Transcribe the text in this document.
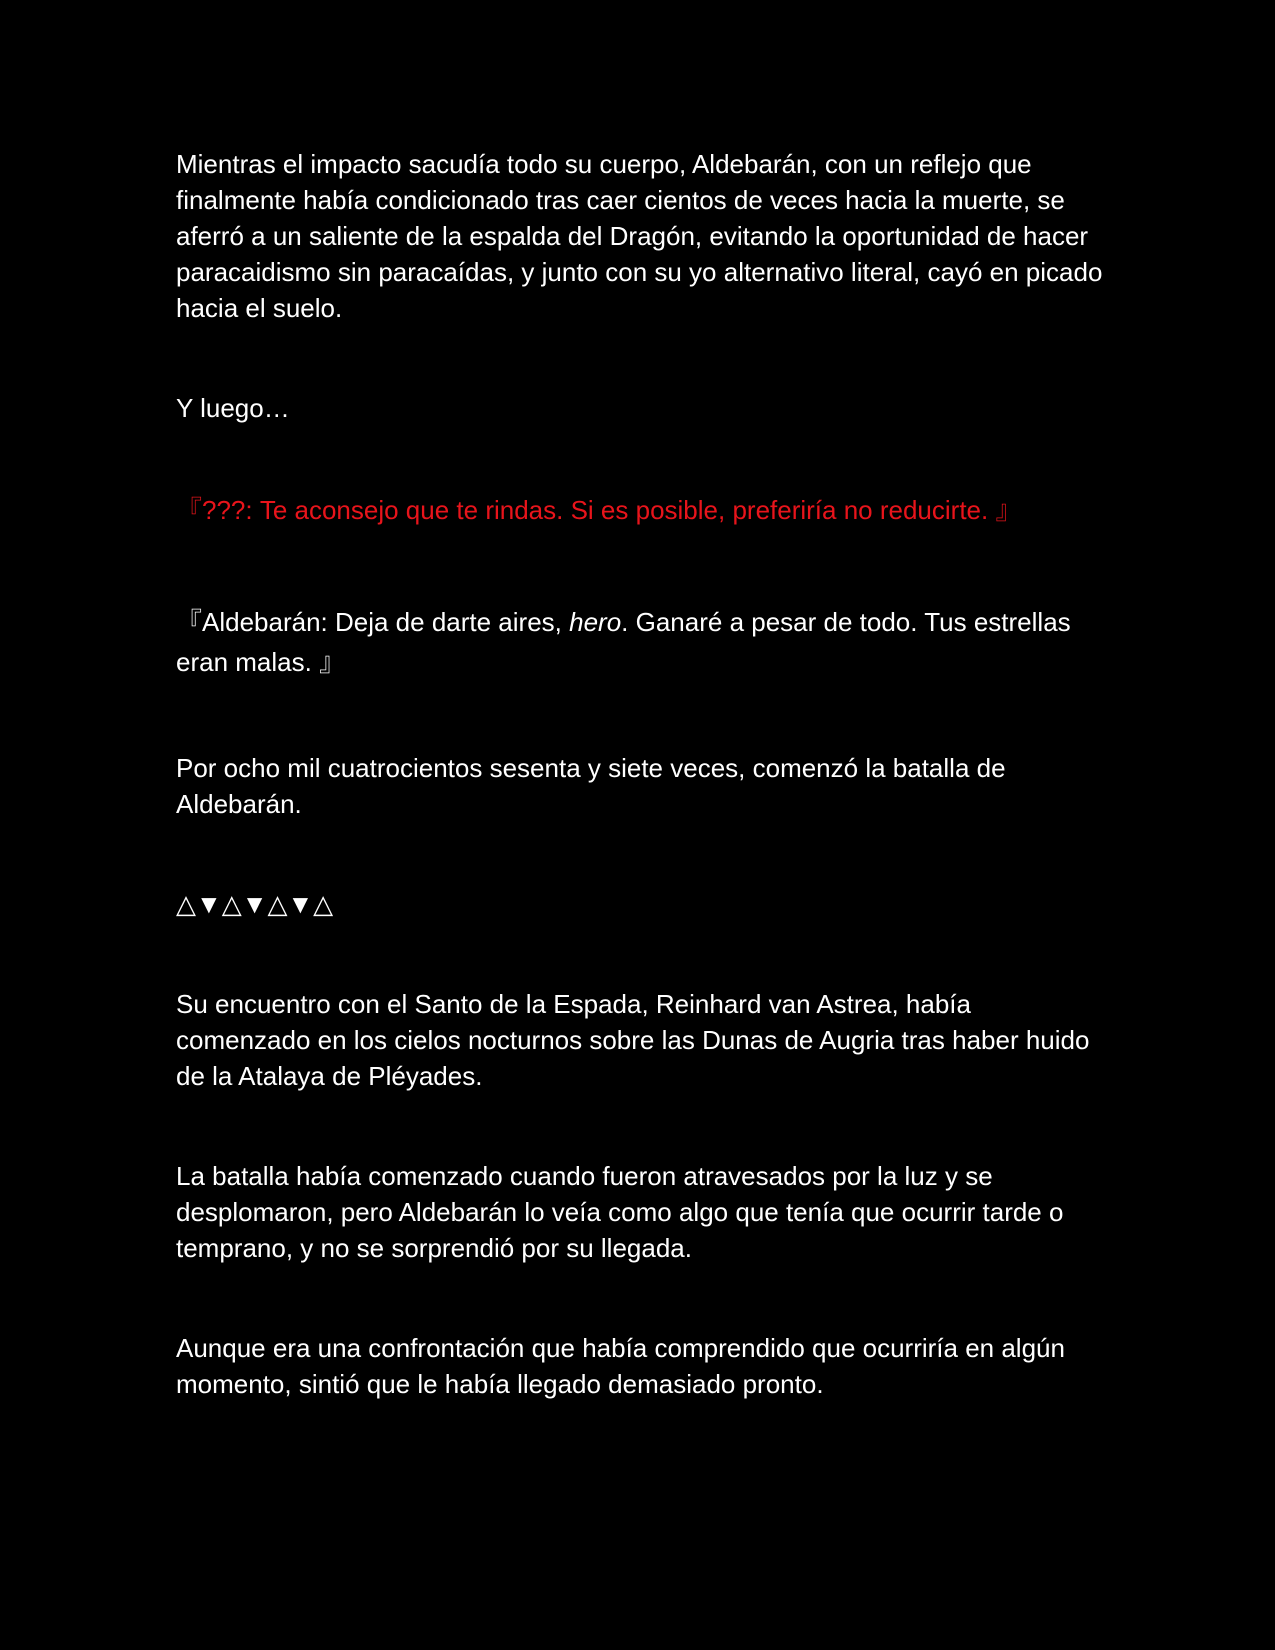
Mientras el impacto sacudía todo su cuerpo, Aldebarán, con un reflejo que finalmente había condicionado tras caer cientos de veces hacia la muerte, se aferró a un saliente de la espalda del Dragón, evitando la oportunidad de hacer paracaidismo sin paracaídas, y junto con su yo alternativo literal, cayó en picado hacia el suelo.

Y luego…

『???: Te aconsejo que te rindas. Si es posible, preferiría no reducirte. 』

『Aldebarán: Deja de darte aires, hero. Ganaré a pesar de todo. Tus estrellas eran malas. 』

Por ocho mil cuatrocientos sesenta y siete veces, comenzó la batalla de Aldebarán.

△▼△▼△▼△

Su encuentro con el Santo de la Espada, Reinhard van Astrea, había comenzado en los cielos nocturnos sobre las Dunas de Augria tras haber huido de la Atalaya de Pléyades.

La batalla había comenzado cuando fueron atravesados por la luz y se desplomaron, pero Aldebarán lo veía como algo que tenía que ocurrir tarde o temprano, y no se sorprendió por su llegada.

Aunque era una confrontación que había comprendido que ocurriría en algún momento, sintió que le había llegado demasiado pronto.
